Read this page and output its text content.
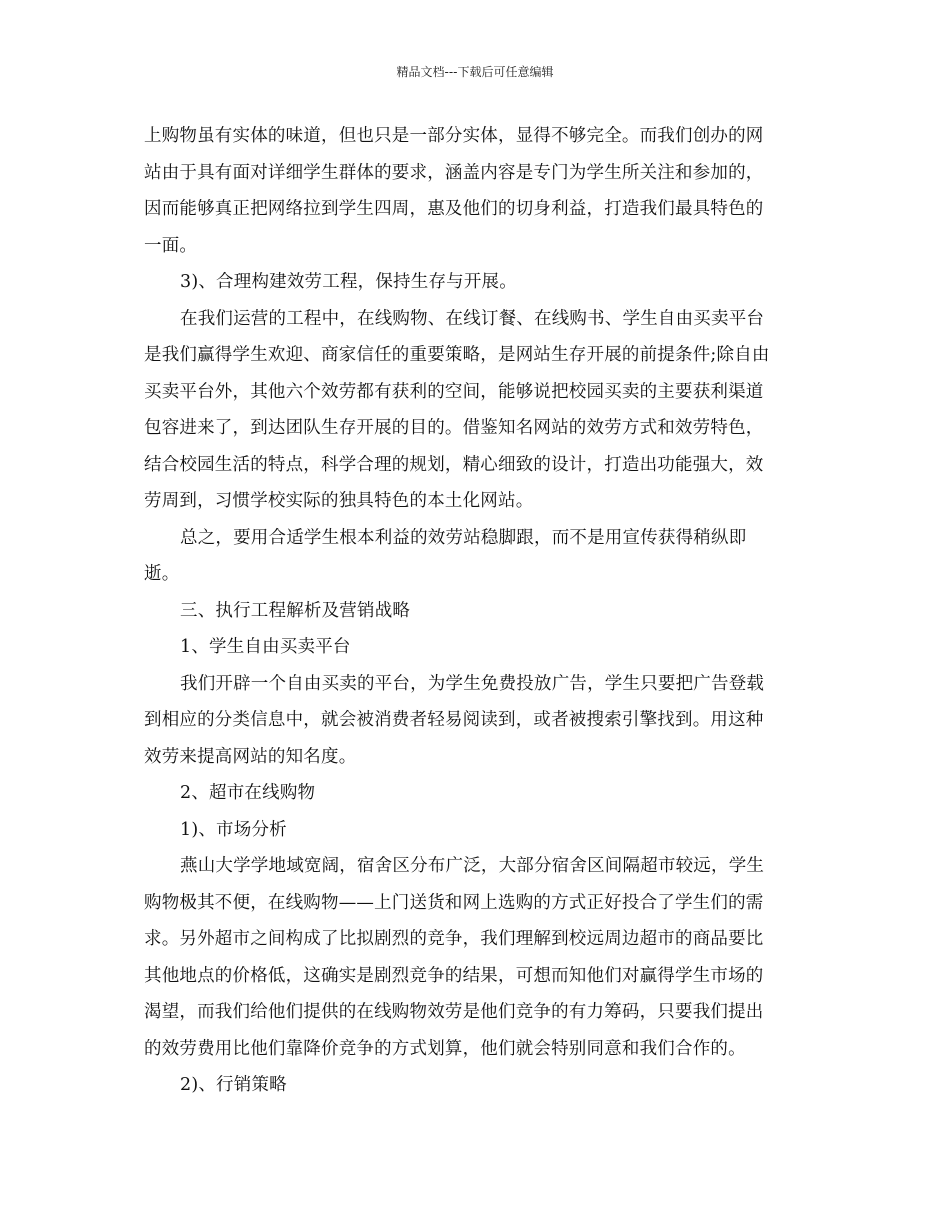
精品文档---下载后可任意编辑
上购物虽有实体的味道，但也只是一部分实体，显得不够完全。而我们创办的网
站由于具有面对详细学生群体的要求，涵盖内容是专门为学生所关注和参加的，
因而能够真正把网络拉到学生四周，惠及他们的切身利益，打造我们最具特色的
一面。
3)、合理构建效劳工程，保持生存与开展。
在我们运营的工程中，在线购物、在线订餐、在线购书、学生自由买卖平台
是我们赢得学生欢迎、商家信任的重要策略，是网站生存开展的前提条件;除自由
买卖平台外，其他六个效劳都有获利的空间，能够说把校园买卖的主要获利渠道
包容进来了，到达团队生存开展的目的。借鉴知名网站的效劳方式和效劳特色，
结合校园生活的特点，科学合理的规划，精心细致的设计，打造出功能强大，效
劳周到，习惯学校实际的独具特色的本土化网站。
总之，要用合适学生根本利益的效劳站稳脚跟，而不是用宣传获得稍纵即
逝。
三、执行工程解析及营销战略
1、学生自由买卖平台
我们开辟一个自由买卖的平台，为学生免费投放广告，学生只要把广告登载
到相应的分类信息中，就会被消费者轻易阅读到，或者被搜索引擎找到。用这种
效劳来提高网站的知名度。
2、超市在线购物
1)、市场分析
燕山大学学地域宽阔，宿舍区分布广泛，大部分宿舍区间隔超市较远，学生
购物极其不便，在线购物——上门送货和网上选购的方式正好投合了学生们的需
求。另外超市之间构成了比拟剧烈的竞争，我们理解到校远周边超市的商品要比
其他地点的价格低，这确实是剧烈竞争的结果，可想而知他们对赢得学生市场的
渴望，而我们给他们提供的在线购物效劳是他们竞争的有力筹码，只要我们提出
的效劳费用比他们靠降价竞争的方式划算，他们就会特别同意和我们合作的。
2)、行销策略
